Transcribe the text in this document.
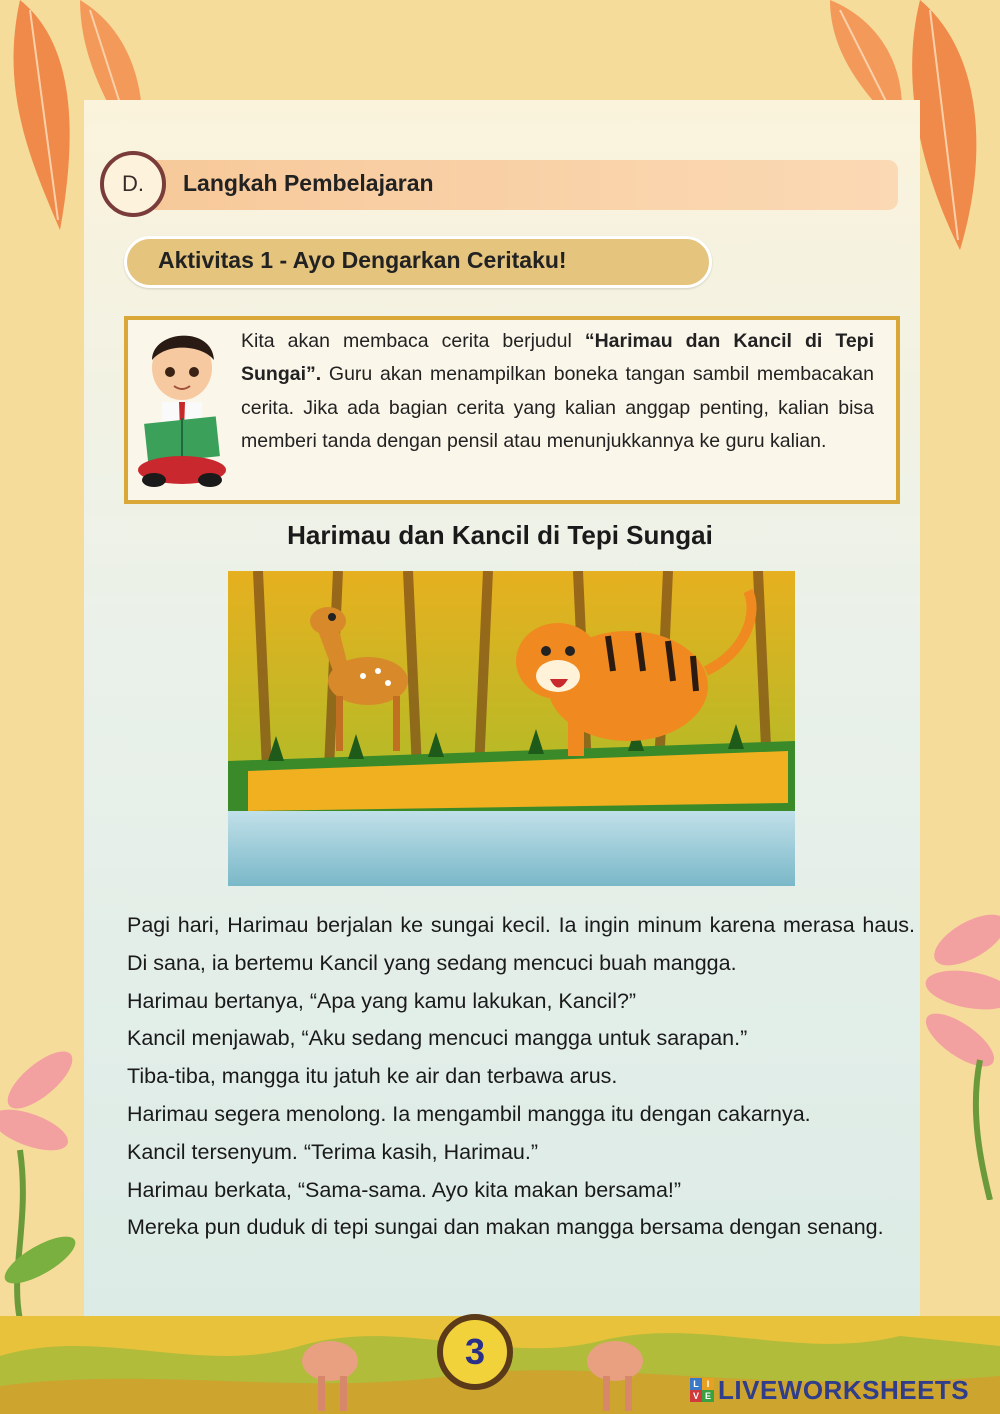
D.	Langkah Pembelajaran
Aktivitas 1 - Ayo Dengarkan Ceritaku!
Kita akan membaca cerita berjudul “Harimau dan Kancil di Tepi Sungai”. Guru akan menampilkan boneka tangan sambil membacakan cerita. Jika ada bagian cerita yang kalian anggap penting, kalian bisa memberi tanda dengan pensil atau menunjukkannya ke guru kalian.
Harimau dan Kancil di Tepi Sungai

Pagi hari, Harimau berjalan ke sungai kecil. Ia ingin minum karena merasa haus. Di sana, ia bertemu Kancil yang sedang mencuci buah mangga.

Harimau bertanya, “Apa yang kamu lakukan, Kancil?”

Kancil menjawab, “Aku sedang mencuci mangga untuk sarapan.”

Tiba-tiba, mangga itu jatuh ke air dan terbawa arus.

Harimau segera menolong. Ia mengambil mangga itu dengan cakarnya.

Kancil tersenyum. “Terima kasih, Harimau.”

Harimau berkata, “Sama-sama. Ayo kita makan bersama!”

Mereka pun duduk di tepi sungai dan makan mangga bersama dengan senang.

3
L I
V E LIVEWORKSHEETS
